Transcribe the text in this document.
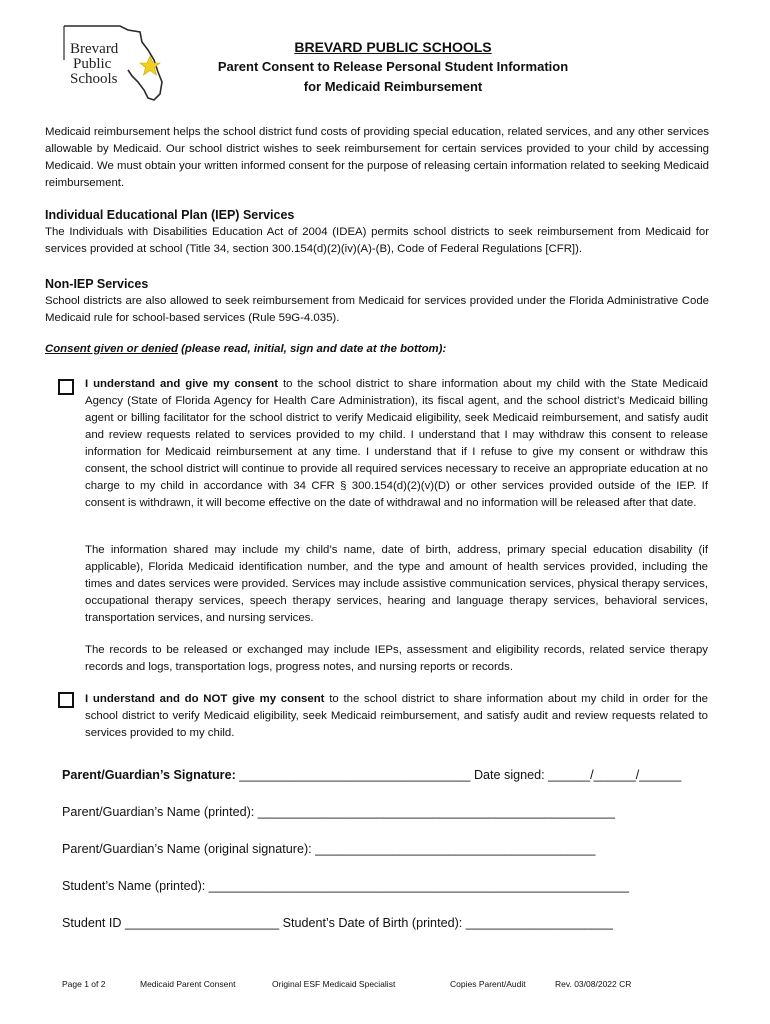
Brevard
Public
Schools
BREVARD PUBLIC SCHOOLS
Parent Consent to Release Personal Student Information
for Medicaid Reimbursement
Medicaid reimbursement helps the school district fund costs of providing special education, related services, and any other services allowable by Medicaid. Our school district wishes to seek reimbursement for certain services provided to your child by accessing Medicaid. We must obtain your written informed consent for the purpose of releasing certain information related to seeking Medicaid reimbursement.
Individual Educational Plan (IEP) Services
The Individuals with Disabilities Education Act of 2004 (IDEA) permits school districts to seek reimbursement from Medicaid for services provided at school (Title 34, section 300.154(d)(2)(iv)(A)-(B), Code of Federal Regulations [CFR]).
Non-IEP Services
School districts are also allowed to seek reimbursement from Medicaid for services provided under the Florida Administrative Code Medicaid rule for school-based services (Rule 59G-4.035).
Consent given or denied (please read, initial, sign and date at the bottom):
I understand and give my consent to the school district to share information about my child with the State Medicaid Agency (State of Florida Agency for Health Care Administration), its fiscal agent, and the school district’s Medicaid billing agent or billing facilitator for the school district to verify Medicaid eligibility, seek Medicaid reimbursement, and satisfy audit and review requests related to services provided to my child. I understand that I may withdraw this consent to release information for Medicaid reimbursement at any time. I understand that if I refuse to give my consent or withdraw this consent, the school district will continue to provide all required services necessary to receive an appropriate education at no charge to my child in accordance with 34 CFR § 300.154(d)(2)(v)(D) or other services provided outside of the IEP. If consent is withdrawn, it will become effective on the date of withdrawal and no information will be released after that date.
The information shared may include my child’s name, date of birth, address, primary special education disability (if applicable), Florida Medicaid identification number, and the type and amount of health services provided, including the times and dates services were provided. Services may include assistive communication services, physical therapy services, occupational therapy services, speech therapy services, hearing and language therapy services, behavioral services, transportation services, and nursing services.
The records to be released or exchanged may include IEPs, assessment and eligibility records, related service therapy records and logs, transportation logs, progress notes, and nursing reports or records.
I understand and do NOT give my consent to the school district to share information about my child in order for the school district to verify Medicaid eligibility, seek Medicaid reimbursement, and satisfy audit and review requests related to services provided to my child.
Parent/Guardian’s Signature: _________________________________ Date signed: ______/______/______
Parent/Guardian’s Name (printed): ___________________________________________________
Parent/Guardian’s Name (original signature): ________________________________________
Student’s Name (printed): ____________________________________________________________
Student ID ______________________ Student’s Date of Birth (printed): _____________________
Page 1 of 2	Medicaid Parent Consent	Original ESF Medicaid Specialist	Copies Parent/Audit	Rev. 03/08/2022 CR
